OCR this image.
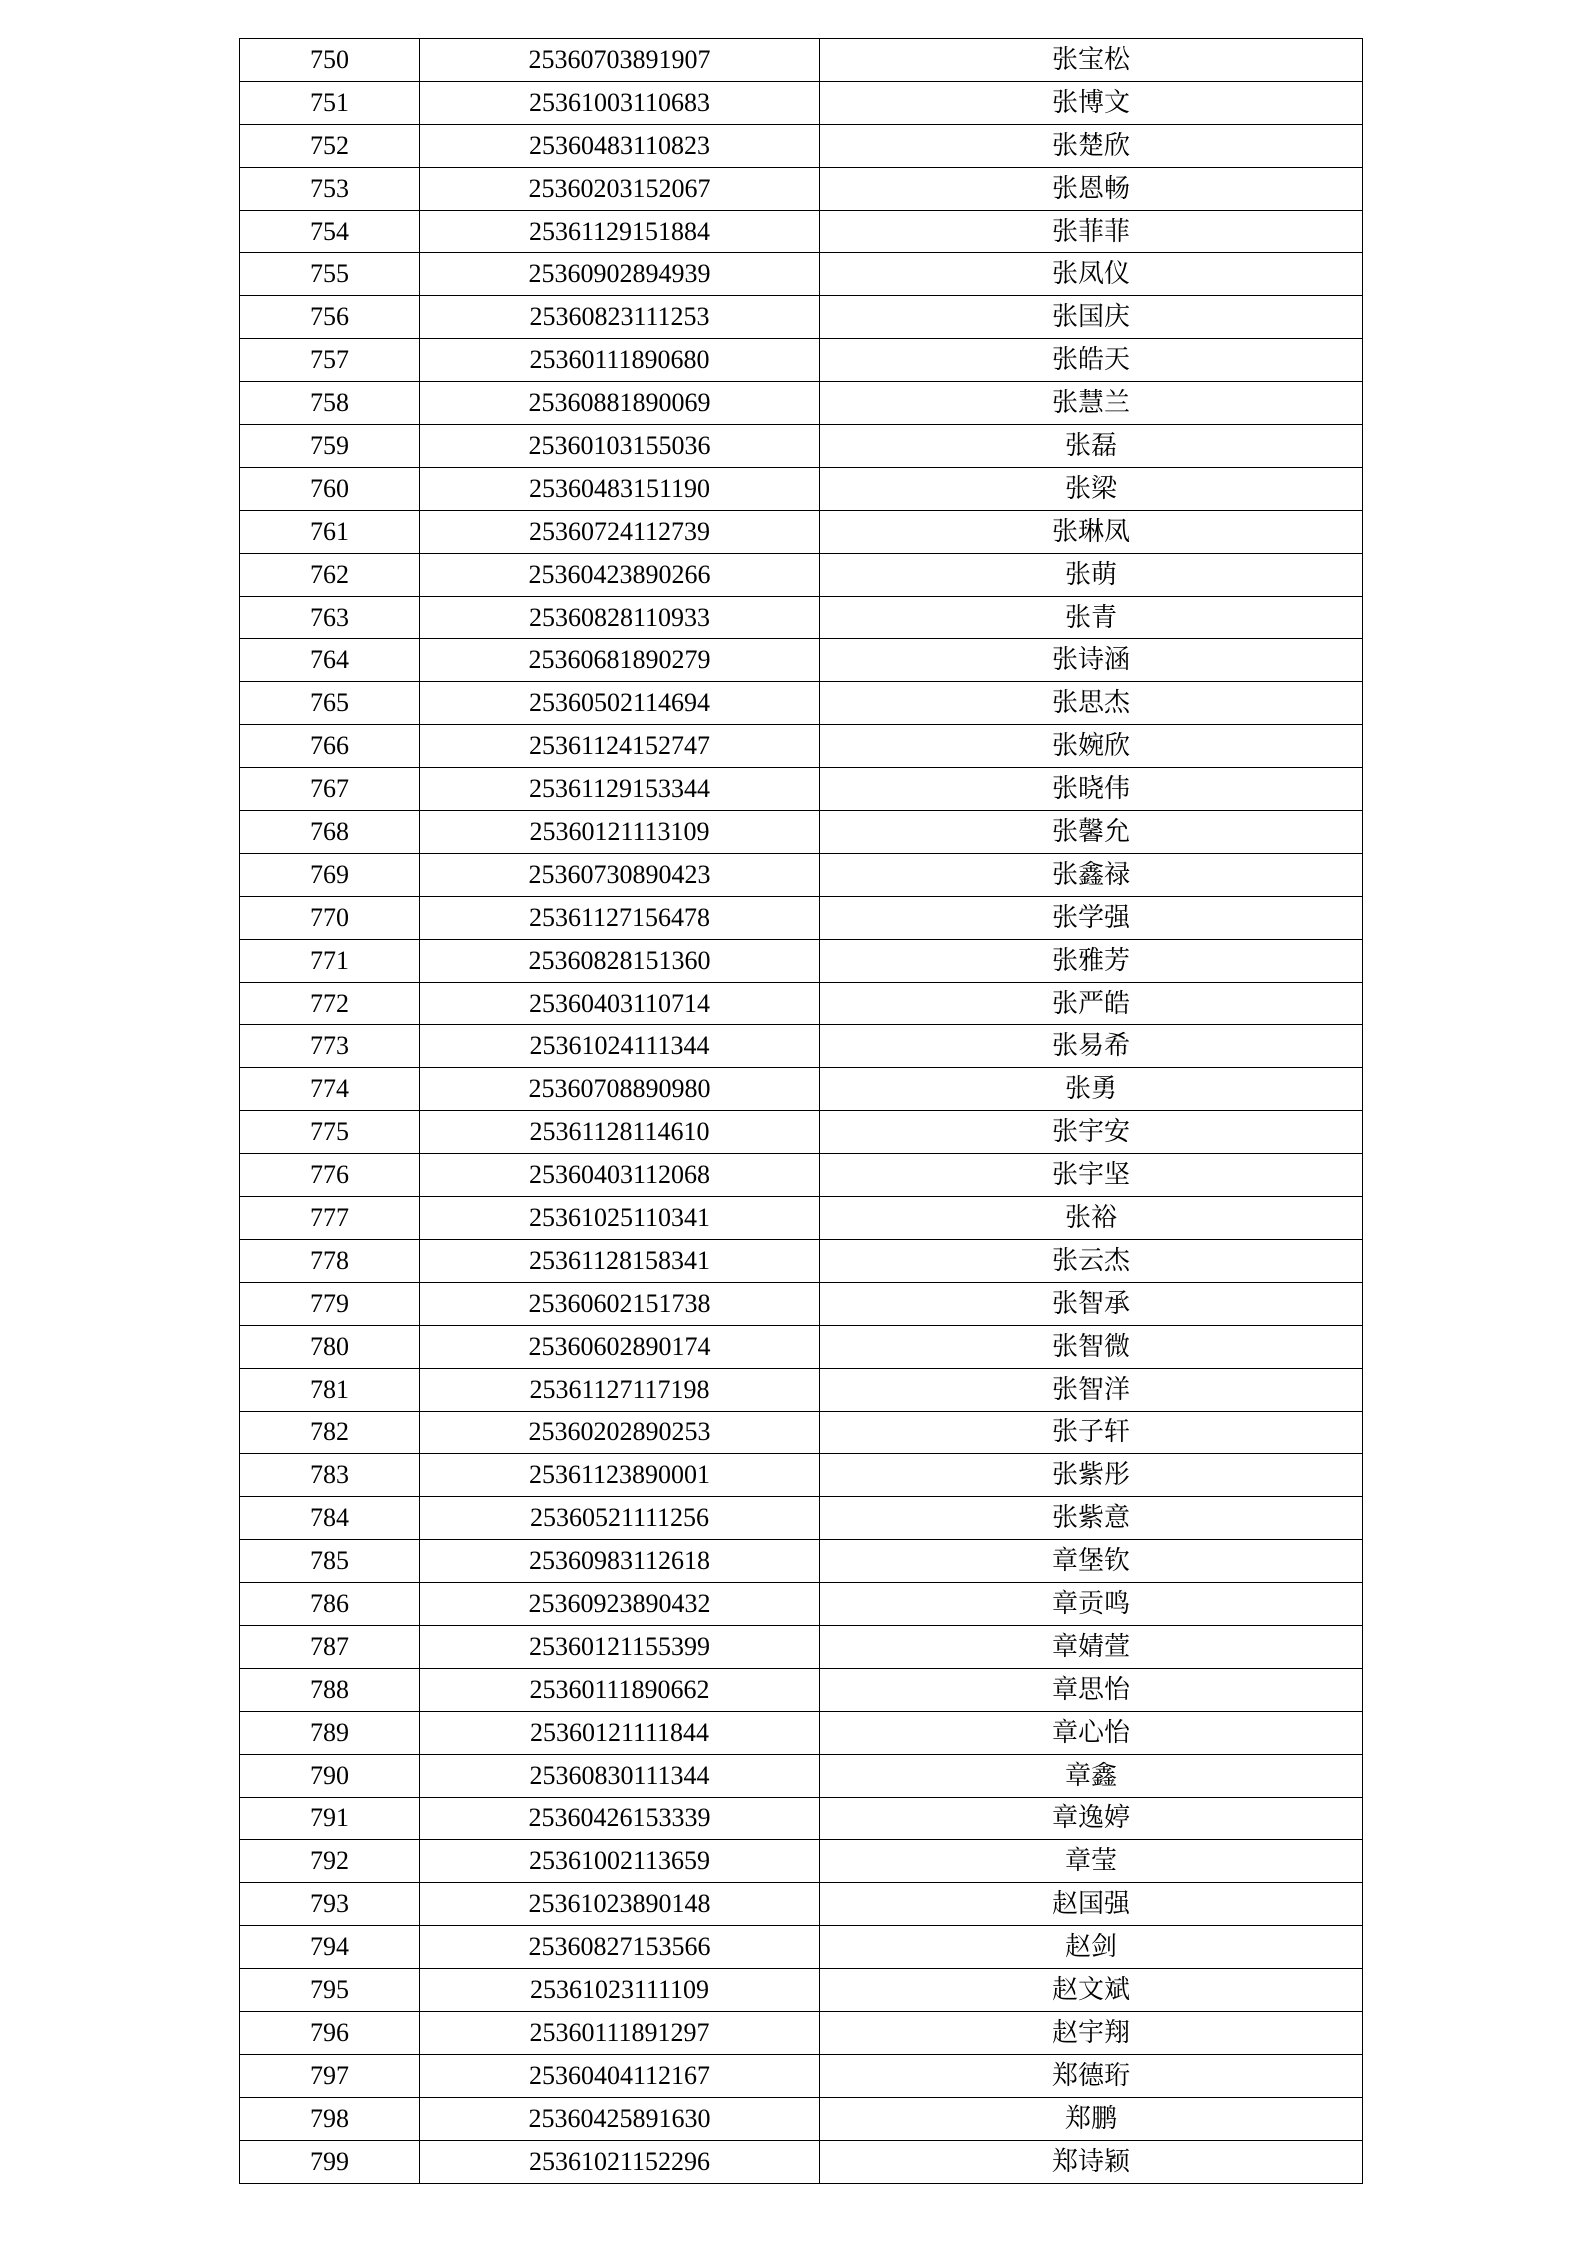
750	25360703891907	张宝松
751	25361003110683	张博文
752	25360483110823	张楚欣
753	25360203152067	张恩畅
754	25361129151884	张菲菲
755	25360902894939	张凤仪
756	25360823111253	张国庆
757	25360111890680	张皓天
758	25360881890069	张慧兰
759	25360103155036	张磊
760	25360483151190	张梁
761	25360724112739	张琳凤
762	25360423890266	张萌
763	25360828110933	张青
764	25360681890279	张诗涵
765	25360502114694	张思杰
766	25361124152747	张婉欣
767	25361129153344	张晓伟
768	25360121113109	张馨允
769	25360730890423	张鑫禄
770	25361127156478	张学强
771	25360828151360	张雅芳
772	25360403110714	张严皓
773	25361024111344	张易希
774	25360708890980	张勇
775	25361128114610	张宇安
776	25360403112068	张宇坚
777	25361025110341	张裕
778	25361128158341	张云杰
779	25360602151738	张智承
780	25360602890174	张智微
781	25361127117198	张智洋
782	25360202890253	张子轩
783	25361123890001	张紫彤
784	25360521111256	张紫意
785	25360983112618	章堡钦
786	25360923890432	章贡鸣
787	25360121155399	章婧萱
788	25360111890662	章思怡
789	25360121111844	章心怡
790	25360830111344	章鑫
791	25360426153339	章逸婷
792	25361002113659	章莹
793	25361023890148	赵国强
794	25360827153566	赵剑
795	25361023111109	赵文斌
796	25360111891297	赵宇翔
797	25360404112167	郑德珩
798	25360425891630	郑鹏
799	25361021152296	郑诗颖
